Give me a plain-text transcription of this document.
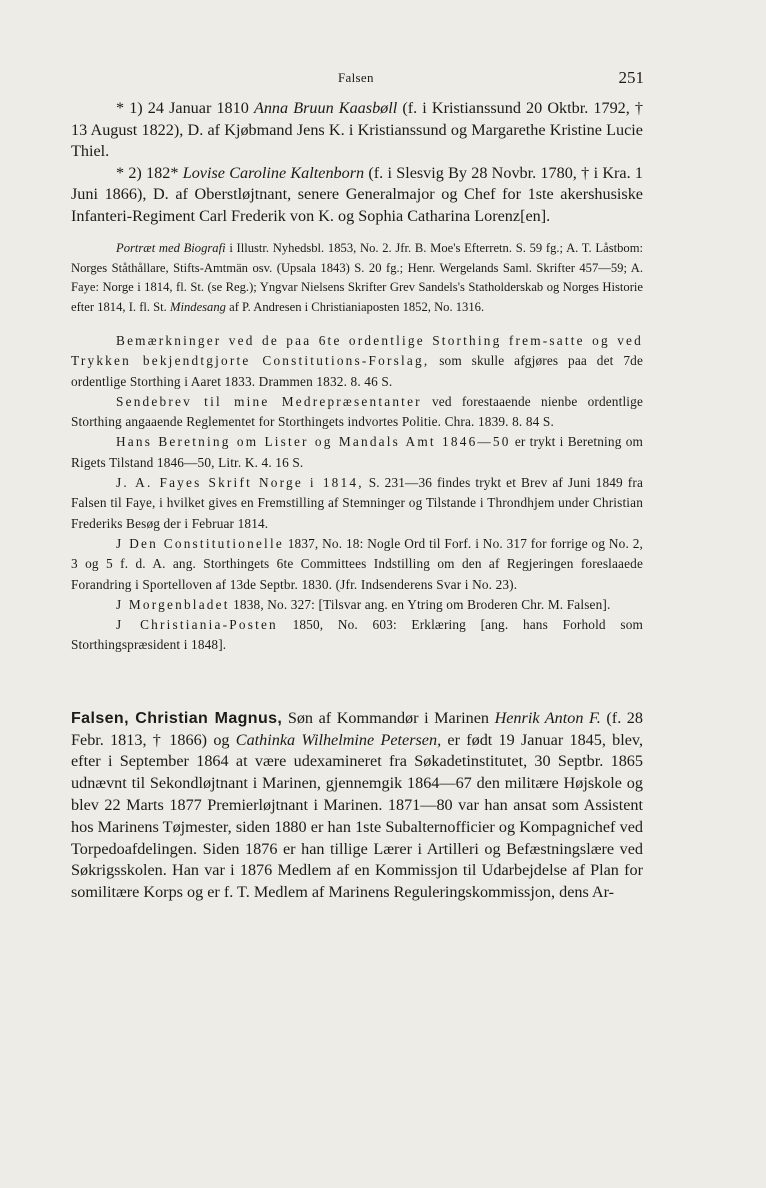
Falsen	251

* 1) 24 Januar 1810 Anna Bruun Kaasbøll (f. i Kristianssund 20 Oktbr. 1792, † 13 August 1822), D. af Kjøbmand Jens K. i Kristianssund og Margarethe Kristine Lucie Thiel.

* 2) 182* Lovise Caroline Kaltenborn (f. i Slesvig By 28 Novbr. 1780, † i Kra. 1 Juni 1866), D. af Oberstløjtnant, senere Generalmajor og Chef for 1ste akershusiske Infanteri-Regiment Carl Frederik von K. og Sophia Catharina Lorenz[en].

Portræt med Biografi i Illustr. Nyhedsbl. 1853, No. 2. Jfr. B. Moe's Efterretn. S. 59 fg.; A. T. Låstbom: Norges Ståthållare, Stifts-Amtmän osv. (Upsala 1843) S. 20 fg.; Henr. Wergelands Saml. Skrifter 457—59; A. Faye: Norge i 1814, fl. St. (se Reg.); Yngvar Nielsens Skrifter Grev Sandels's Statholderskab og Norges Historie efter 1814, I. fl. St. Mindesang af P. Andresen i Christianiaposten 1852, No. 1316.

Bemærkninger ved de paa 6te ordentlige Storthing frem-satte og ved Trykken bekjendtgjorte Constitutions-Forslag, som skulle afgjøres paa det 7de ordentlige Storthing i Aaret 1833. Drammen 1832. 8. 46 S.

Sendebrev til mine Medrepræsentanter ved forestaaende nienbe ordentlige Storthing angaaende Reglementet for Storthingets indvortes Politie. Chra. 1839. 8. 84 S.

Hans Beretning om Lister og Mandals Amt 1846—50 er trykt i Beretning om Rigets Tilstand 1846—50, Litr. K. 4. 16 S.

J. A. Fayes Skrift Norge i 1814, S. 231—36 findes trykt et Brev af Juni 1849 fra Falsen til Faye, i hvilket gives en Fremstilling af Stemninger og Tilstande i Throndhjem under Christian Frederiks Besøg der i Februar 1814.

J Den Constitutionelle 1837, No. 18: Nogle Ord til Forf. i No. 317 for forrige og No. 2, 3 og 5 f. d. A. ang. Storthingets 6te Committees Indstilling om den af Regjeringen foreslaaede Forandring i Sportellovеn af 13de Septbr. 1830. (Jfr. Indsenderens Svar i No. 23).

J Morgenbladet 1838, No. 327: [Tilsvar ang. en Ytring om Broderen Chr. M. Falsen].

J Christiania-Posten 1850, No. 603: Erklæring [ang. hans Forhold som Storthingspræsident i 1848].

Falsen, Christian Magnus, Søn af Kommandør i Marinen Henrik Anton F. (f. 28 Febr. 1813, † 1866) og Cathinka Wilhelmine Petersen, er født 19 Januar 1845, blev, efter i September 1864 at være udexamineret fra Søkadetinstitutet, 30 Septbr. 1865 udnævnt til Sekondløjtnant i Marinen, gjennemgik 1864—67 den militære Højskole og blev 22 Marts 1877 Premierløjtnant i Marinen. 1871—80 var han ansat som Assistent hos Marinens Tøjmester, siden 1880 er han 1ste Subalternofficier og Kompagnichef ved Torpedoafdelingen. Siden 1876 er han tillige Lærer i Artilleri og Befæstningslære ved Søkrigsskolen. Han var i 1876 Medlem af en Kommissjon til Udarbejdelse af Plan for somilitære Korps og er f. T. Medlem af Marinens Reguleringskommissjon, dens Ar-
